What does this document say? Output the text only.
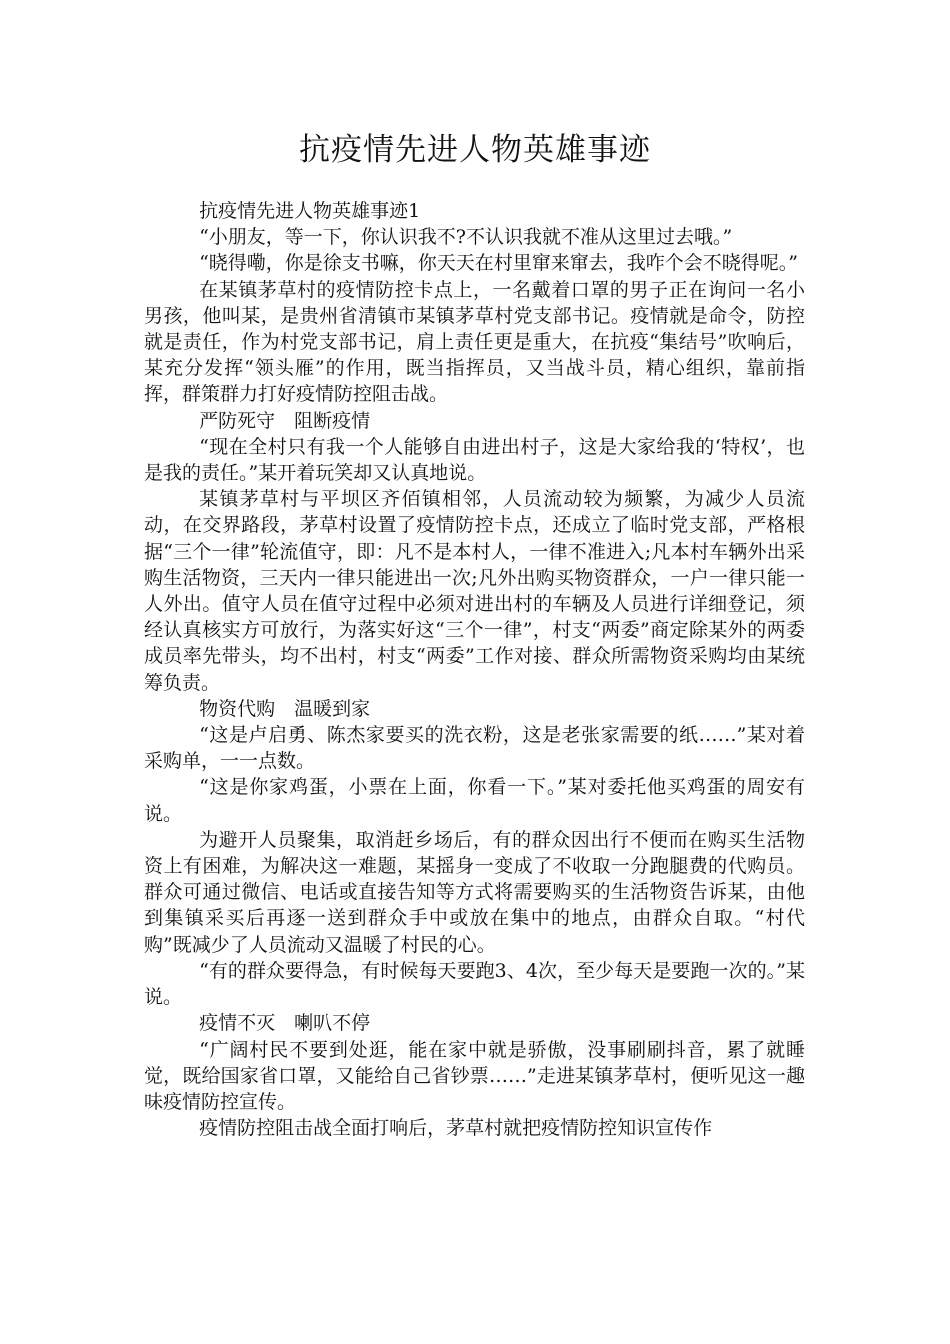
抗疫情先进人物英雄事迹

抗疫情先进人物英雄事迹1

“小朋友，等一下，你认识我不?不认识我就不准从这里过去哦。”

“晓得嘞，你是徐支书嘛，你天天在村里窜来窜去，我咋个会不晓得呢。”

在某镇茅草村的疫情防控卡点上，一名戴着口罩的男子正在询问一名小男孩，他叫某，是贵州省清镇市某镇茅草村党支部书记。疫情就是命令，防控就是责任，作为村党支部书记，肩上责任更是重大，在抗疫“集结号”吹响后，某充分发挥“领头雁”的作用，既当指挥员，又当战斗员，精心组织，靠前指挥，群策群力打好疫情防控阻击战。

严防死守　阻断疫情

“现在全村只有我一个人能够自由进出村子，这是大家给我的‘特权’，也是我的责任。”某开着玩笑却又认真地说。

某镇茅草村与平坝区齐佰镇相邻，人员流动较为频繁，为减少人员流动，在交界路段，茅草村设置了疫情防控卡点，还成立了临时党支部，严格根据“三个一律”轮流值守，即：凡不是本村人，一律不准进入;凡本村车辆外出采购生活物资，三天内一律只能进出一次;凡外出购买物资群众，一户一律只能一人外出。值守人员在值守过程中必须对进出村的车辆及人员进行详细登记，须经认真核实方可放行，为落实好这“三个一律”，村支“两委”商定除某外的两委成员率先带头，均不出村，村支“两委”工作对接、群众所需物资采购均由某统筹负责。

物资代购　温暖到家

“这是卢启勇、陈杰家要买的洗衣粉，这是老张家需要的纸……”某对着采购单，一一点数。

“这是你家鸡蛋，小票在上面，你看一下。”某对委托他买鸡蛋的周安有说。

为避开人员聚集，取消赶乡场后，有的群众因出行不便而在购买生活物资上有困难，为解决这一难题，某摇身一变成了不收取一分跑腿费的代购员。群众可通过微信、电话或直接告知等方式将需要购买的生活物资告诉某，由他到集镇采买后再逐一送到群众手中或放在集中的地点，由群众自取。“村代购”既减少了人员流动又温暖了村民的心。

“有的群众要得急，有时候每天要跑3、4次，至少每天是要跑一次的。”某说。

疫情不灭　喇叭不停

“广阔村民不要到处逛，能在家中就是骄傲，没事刷刷抖音，累了就睡觉，既给国家省口罩，又能给自己省钞票……”走进某镇茅草村，便听见这一趣味疫情防控宣传。

疫情防控阻击战全面打响后，茅草村就把疫情防控知识宣传作
